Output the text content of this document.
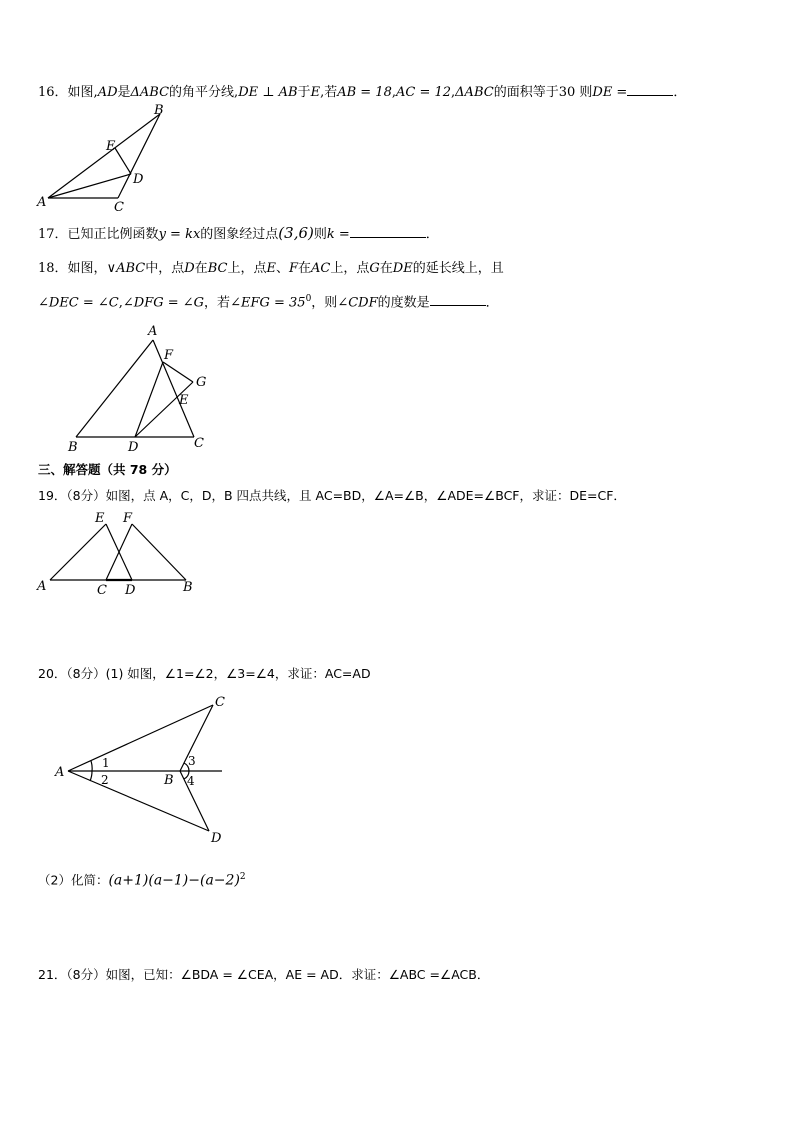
16．如图,AD是ΔABC的角平分线,DE ⊥ AB于E,若AB = 18,AC = 12,ΔABC的面积等于30 则DE =	．
B
E
D
A	C
17．已知正比例函数y = kx的图象经过点(3,6)则k =	．
18．如图，∨ABC中，点D在BC上，点E、F在AC上，点G在DE的延长线上，且
∠DEC = ∠C,∠DFG = ∠G，若∠EFG = $35^0$，则∠CDF的度数是	．
A
F
G
E
B	D	C
三、解答题（共 78 分）
19．（8分）如图，点 A，C，D，B 四点共线，且 AC=BD，∠A=∠B，∠ADE=∠BCF，求证：DE=CF．
E F
A	C D	B
20．（8分）(1) 如图，∠1=∠2，∠3=∠4，求证：AC=AD
C
A
B
D
1
2
3
4
（2）化简：$(a+1)(a-1)-(a-2)^2$
21．（8分）如图，已知：∠BDA = ∠CEA，AE = AD．求证：∠ABC =∠ACB．
